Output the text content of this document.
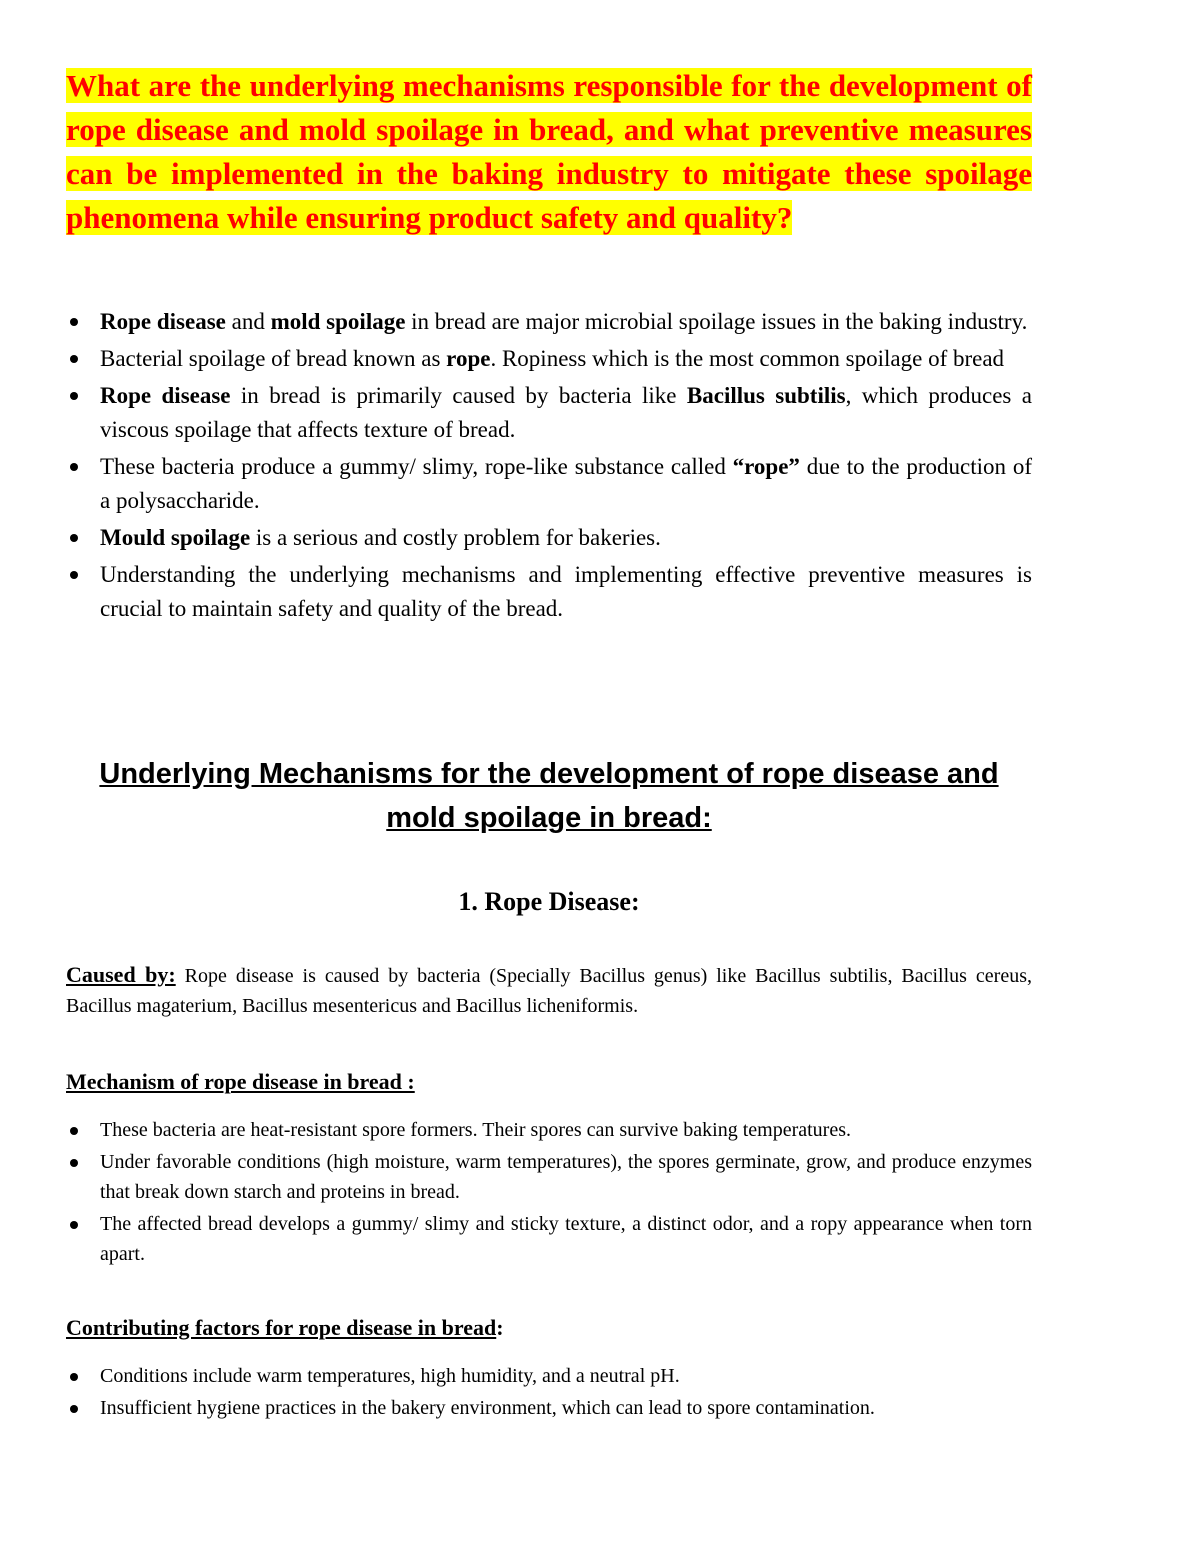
What are the underlying mechanisms responsible for the development of rope disease and mold spoilage in bread, and what preventive measures can be implemented in the baking industry to mitigate these spoilage phenomena while ensuring product safety and quality?
Rope disease and mold spoilage in bread are major microbial spoilage issues in the baking industry.
Bacterial spoilage of bread known as rope. Ropiness which is the most common spoilage of bread
Rope disease in bread is primarily caused by bacteria like Bacillus subtilis, which produces a viscous spoilage that affects texture of bread.
These bacteria produce a gummy/ slimy, rope-like substance called “rope” due to the production of a polysaccharide.
Mould spoilage is a serious and costly problem for bakeries.
Understanding the underlying mechanisms and implementing effective preventive measures is crucial to maintain safety and quality of the bread.
Underlying Mechanisms for the development of rope disease and mold spoilage in bread:
1. Rope Disease:
Caused by: Rope disease is caused by bacteria (Specially Bacillus genus) like Bacillus subtilis, Bacillus cereus, Bacillus magaterium, Bacillus mesentericus and Bacillus licheniformis.
Mechanism of rope disease in bread :
These bacteria are heat-resistant spore formers. Their spores can survive baking temperatures.
Under favorable conditions (high moisture, warm temperatures), the spores germinate, grow, and produce enzymes that break down starch and proteins in bread.
The affected bread develops a gummy/ slimy and sticky texture, a distinct odor, and a ropy appearance when torn apart.
Contributing factors for rope disease in bread:
Conditions include warm temperatures, high humidity, and a neutral pH.
Insufficient hygiene practices in the bakery environment, which can lead to spore contamination.
